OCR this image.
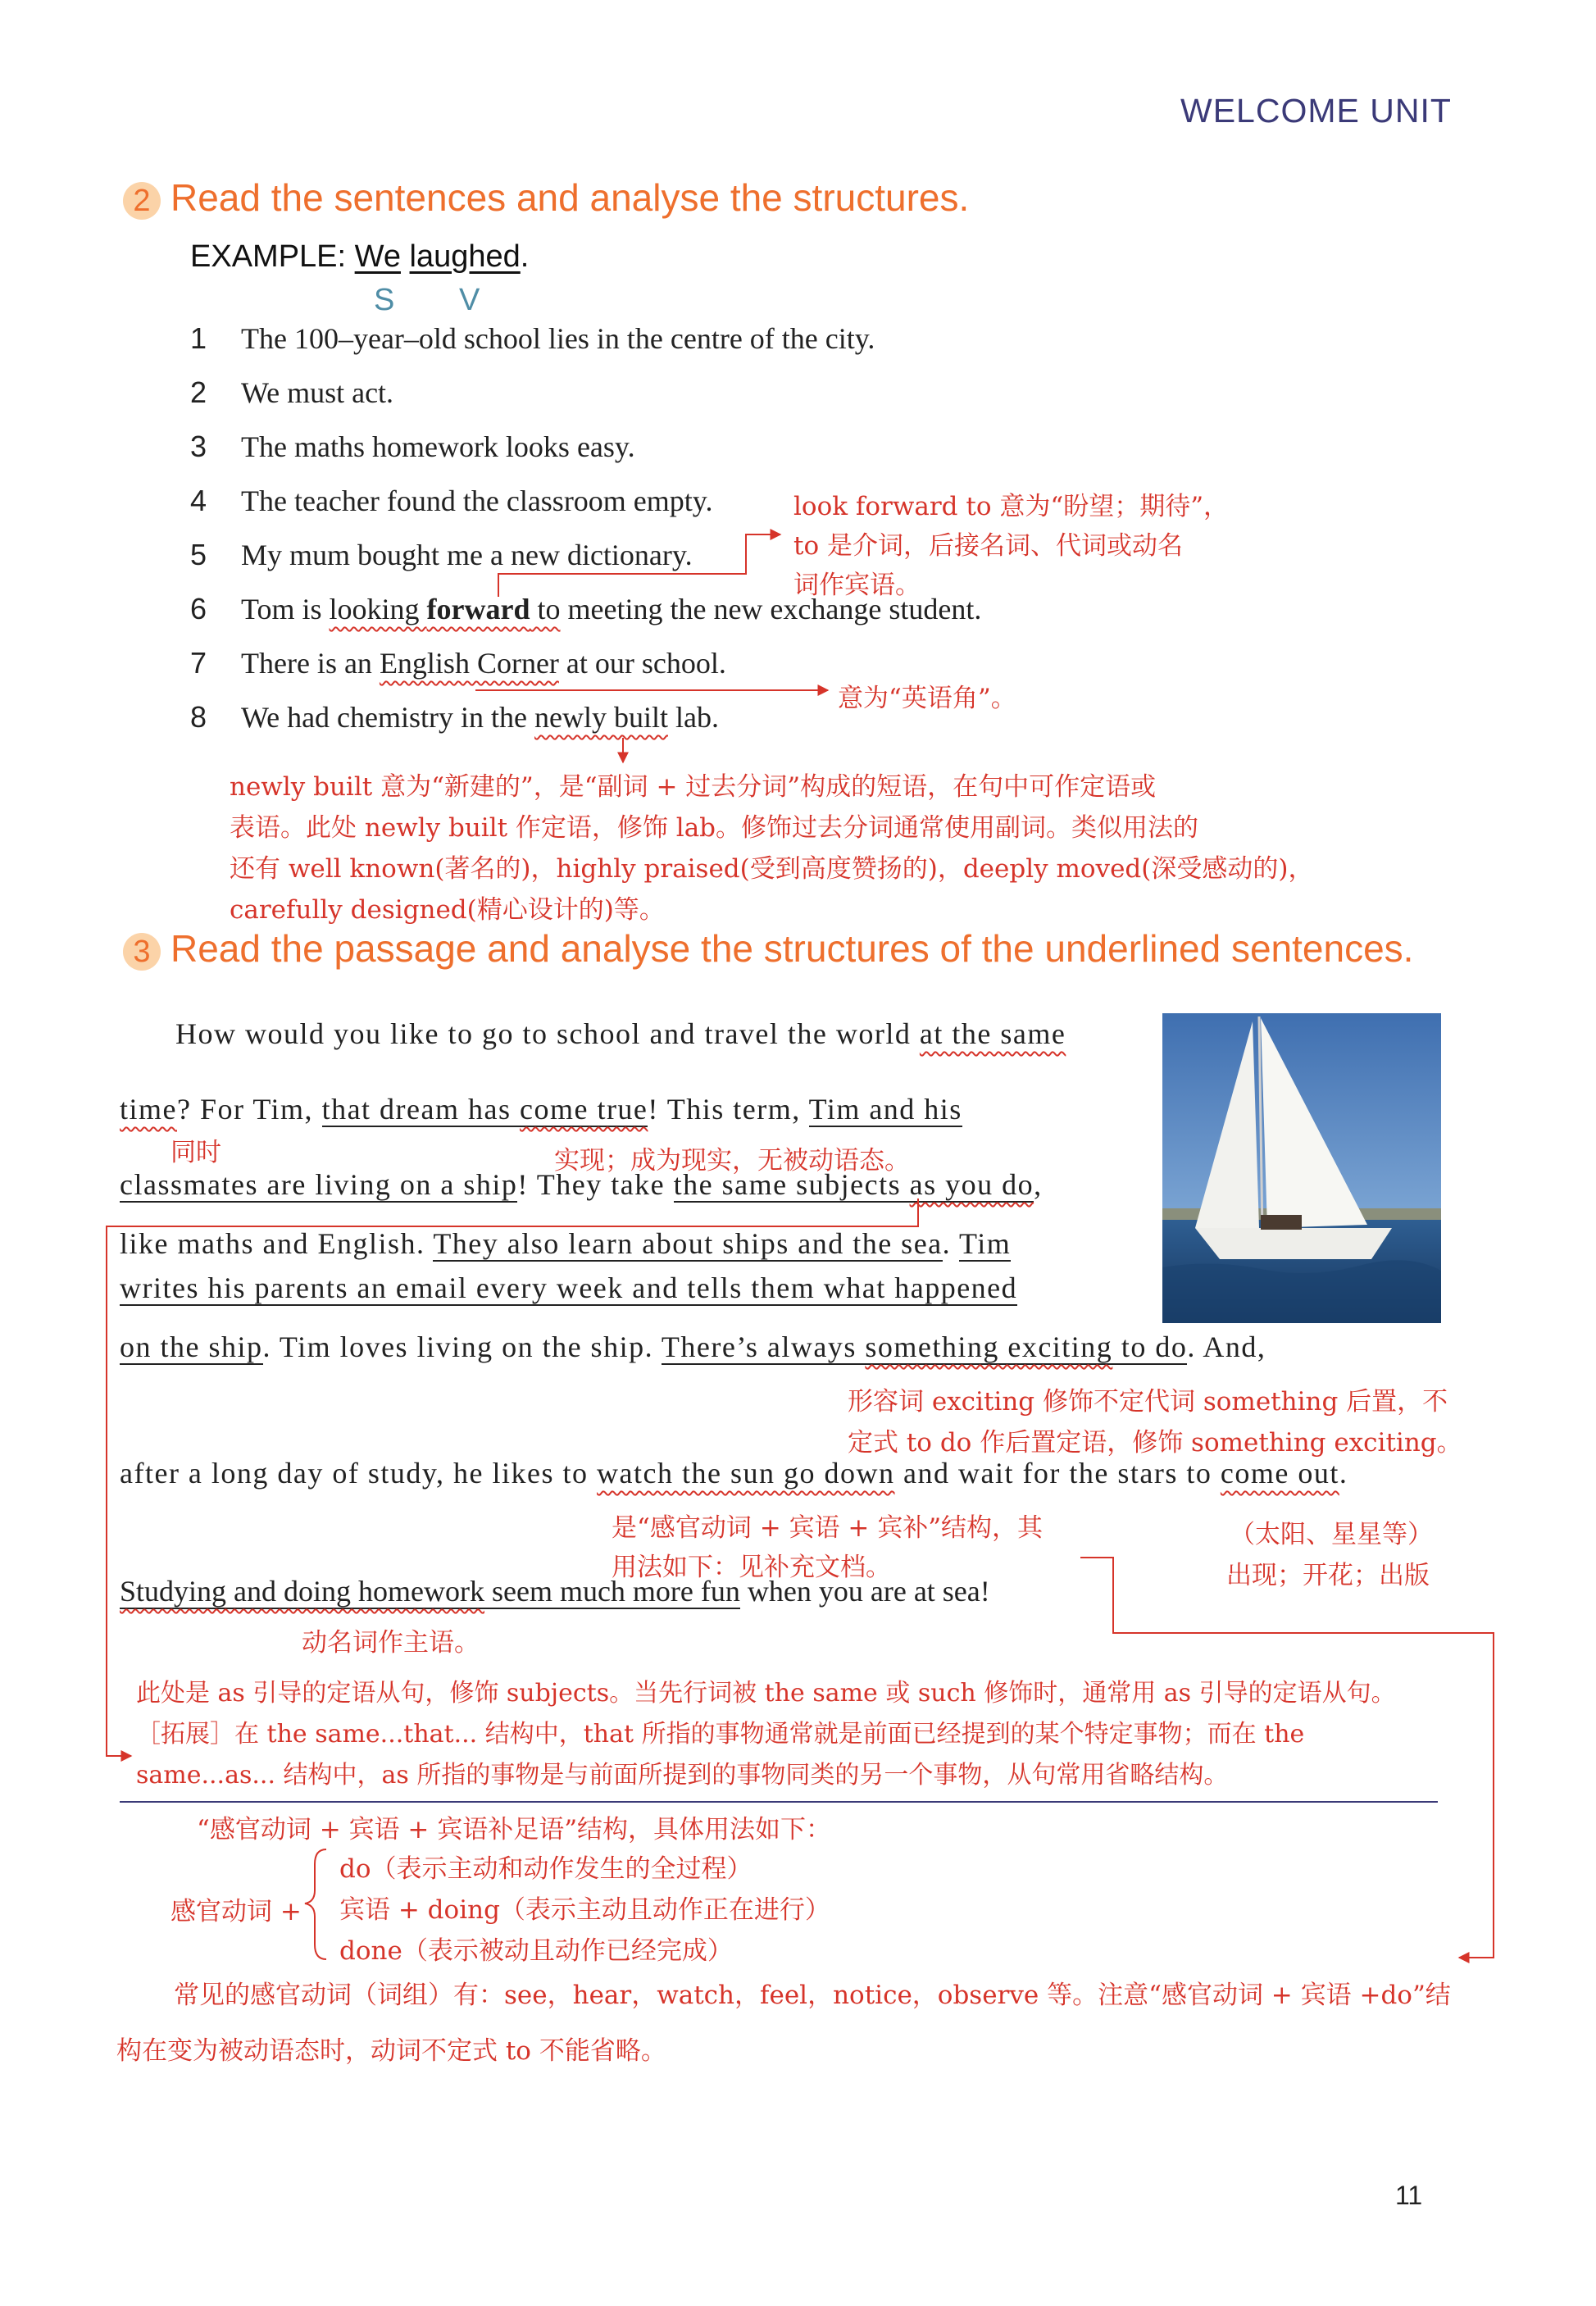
WELCOME UNIT
2 Read the sentences and analyse the structures.
EXAMPLE: We laughed.
S V
1 The 100–year–old school lies in the centre of the city.
2 We must act.
3 The maths homework looks easy.
4 The teacher found the classroom empty.
5 My mum bought me a new dictionary.
6 Tom is looking forward to meeting the new exchange student.
7 There is an English Corner at our school.
8 We had chemistry in the newly built lab.
look forward to 意为“盼望；期待”，
to 是介词，后接名词、代词或动名
词作宾语。
意为“英语角”。
newly built 意为“新建的”，是“副词 + 过去分词”构成的短语，在句中可作定语或
表语。此处 newly built 作定语，修饰 lab。修饰过去分词通常使用副词。类似用法的
还有 well known(著名的)，highly praised(受到高度赞扬的)，deeply moved(深受感动的)，
carefully designed(精心设计的)等。
3 Read the passage and analyse the structures of the underlined sentences.
How would you like to go to school and travel the world at the same
time? For Tim, that dream has come true! This term, Tim and his
classmates are living on a ship! They take the same subjects as you do,
like maths and English. They also learn about ships and the sea. Tim
writes his parents an email every week and tells them what happened
on the ship. Tim loves living on the ship. There’s always something exciting to do. And,
after a long day of study, he likes to watch the sun go down and wait for the stars to come out.
Studying and doing homework seem much more fun when you are at sea!
同时	实现；成为现实，无被动语态。
形容词 exciting 修饰不定代词 something 后置，不
定式 to do 作后置定语，修饰 something exciting。
是“感官动词 + 宾语 + 宾补”结构，其
用法如下：见补充文档。
（太阳、星星等）
出现；开花；出版
动名词作主语。
此处是 as 引导的定语从句，修饰 subjects。当先行词被 the same 或 such 修饰时，通常用 as 引导的定语从句。
［拓展］在 the same...that... 结构中，that 所指的事物通常就是前面已经提到的某个特定事物；而在 the
same...as... 结构中，as 所指的事物是与前面所提到的事物同类的另一个事物，从句常用省略结构。
“感官动词 + 宾语 + 宾语补足语”结构，具体用法如下：
感官动词 +
do（表示主动和动作发生的全过程）
宾语 + doing（表示主动且动作正在进行）
done（表示被动且动作已经完成）
常见的感官动词（词组）有：see，hear，watch，feel，notice，observe 等。注意“感官动词 + 宾语 +do”结
构在变为被动语态时，动词不定式 to 不能省略。
11
